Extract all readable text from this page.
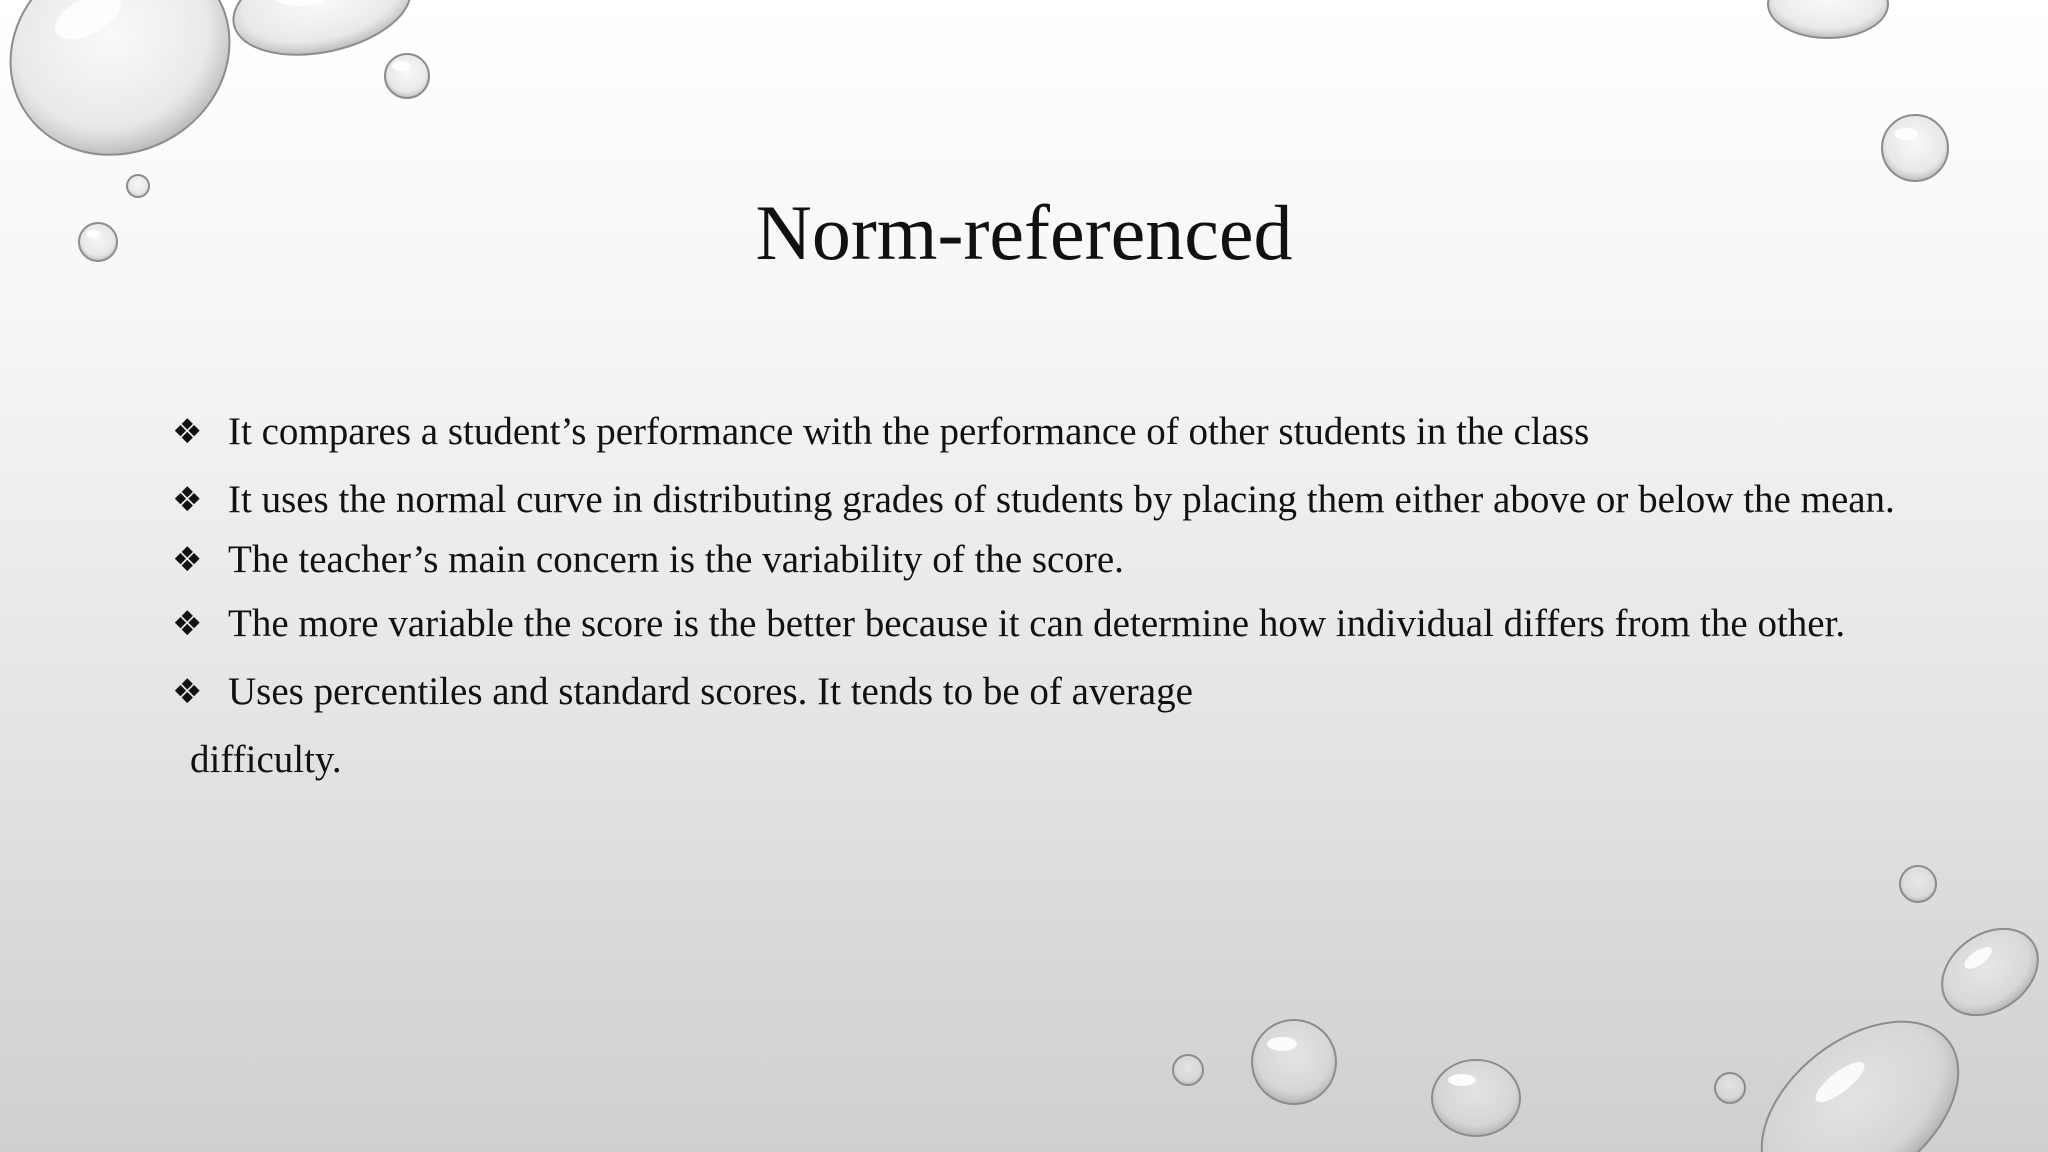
Norm-referenced
❖ It compares a student’s performance with the performance of other students in the class
❖ It uses the normal curve in distributing grades of students by placing them either above or below the mean.
❖ The teacher’s main concern is the variability of the score.
❖ The more variable the score is the better because it can determine how individual differs from the other.
❖ Uses percentiles and standard scores. It tends to be of average
difficulty.
